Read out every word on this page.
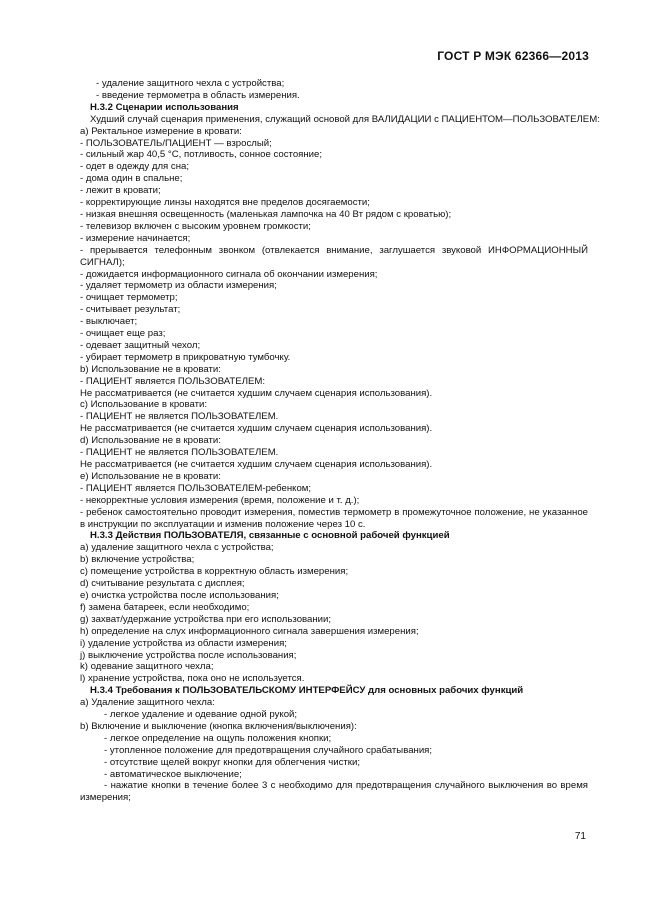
ГОСТ Р МЭК 62366—2013
- удаление защитного чехла с устройства;
- введение термометра в область измерения.
Н.3.2 Сценарии использования
Худший случай сценария применения, служащий основой для ВАЛИДАЦИИ с ПАЦИЕНТОМ—ПОЛЬЗОВАТЕЛЕМ:
а) Ректальное измерение в кровати:
- ПОЛЬЗОВАТЕЛЬ/ПАЦИЕНТ — взрослый;
- сильный жар 40,5 °С, потливость, сонное состояние;
- одет в одежду для сна;
- дома один в спальне;
- лежит в кровати;
- корректирующие линзы находятся вне пределов досягаемости;
- низкая внешняя освещенность (маленькая лампочка на 40 Вт рядом с кроватью);
- телевизор включен с высоким уровнем громкости;
- измерение начинается;
- прерывается телефонным звонком (отвлекается внимание, заглушается звуковой ИНФОРМАЦИОННЫЙ СИГНАЛ);
- дожидается информационного сигнала об окончании измерения;
- удаляет термометр из области измерения;
- очищает термометр;
- считывает результат;
- выключает;
- очищает еще раз;
- одевает защитный чехол;
- убирает термометр в прикроватную тумбочку.
b) Использование не в кровати:
- ПАЦИЕНТ является ПОЛЬЗОВАТЕЛЕМ:
Не рассматривается (не считается худшим случаем сценария использования).
с) Использование в кровати:
- ПАЦИЕНТ не является ПОЛЬЗОВАТЕЛЕМ.
Не рассматривается (не считается худшим случаем сценария использования).
d) Использование не в кровати:
- ПАЦИЕНТ не является ПОЛЬЗОВАТЕЛЕМ.
Не рассматривается (не считается худшим случаем сценария использования).
е) Использование не в кровати:
- ПАЦИЕНТ является ПОЛЬЗОВАТЕЛЕМ-ребенком;
- некорректные условия измерения (время, положение и т. д.);
- ребенок самостоятельно проводит измерения, поместив термометр в промежуточное положение, не указанное в инструкции по эксплуатации и изменив положение через 10 с.
Н.3.3 Действия ПОЛЬЗОВАТЕЛЯ, связанные с основной рабочей функцией
а) удаление защитного чехла с устройства;
b) включение устройства;
с) помещение устройства в корректную область измерения;
d) считывание результата с дисплея;
е) очистка устройства после использования;
f) замена батареек, если необходимо;
g) захват/удержание устройства при его использовании;
h) определение на слух информационного сигнала завершения измерения;
i) удаление устройства из области измерения;
j) выключение устройства после использования;
k) одевание защитного чехла;
l) хранение устройства, пока оно не используется.
Н.3.4 Требования к ПОЛЬЗОВАТЕЛЬСКОМУ ИНТЕРФЕЙСУ для основных рабочих функций
а) Удаление защитного чехла:
- легкое удаление и одевание одной рукой;
b) Включение и выключение (кнопка включения/выключения):
- легкое определение на ощупь положения кнопки;
- утопленное положение для предотвращения случайного срабатывания;
- отсутствие щелей вокруг кнопки для облегчения чистки;
- автоматическое выключение;
- нажатие кнопки в течение более 3 с необходимо для предотвращения случайного выключения во время измерения;
71
